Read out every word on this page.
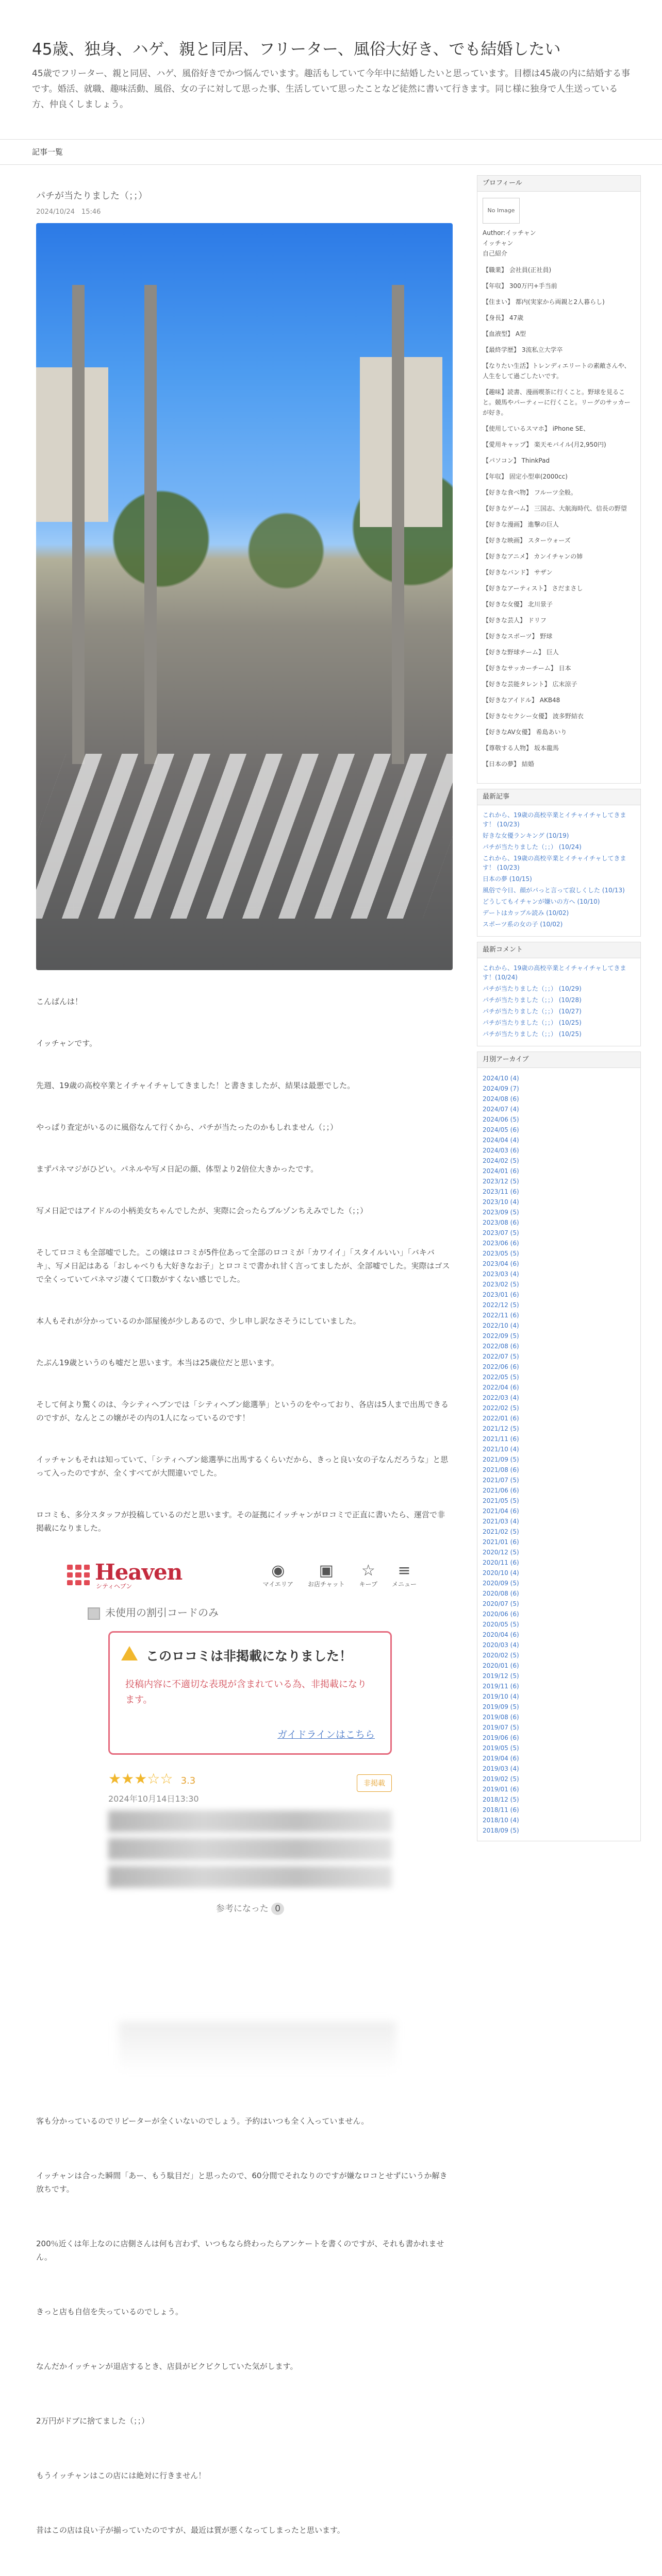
45歳、独身、ハゲ、親と同居、フリーター、風俗大好き、でも結婚したい
45歳でフリーター、親と同居、ハゲ、風俗好きでかつ悩んでいます。趣活もしていて今年中に結婚したいと思っています。目標は45歳の内に結婚する事です。婚活、就職、趣味活動、風俗、女の子に対して思った事、生活していて思ったことなど徒然に書いて行きます。同じ様に独身で人生送っている方、仲良くしましょう。
記事一覧
パチが当たりました（；；）
2024/10/24　15:46

こんばんは！

イッチャンです。

先週、19歳の高校卒業とイチャイチャしてきました！と書きましたが、結果は最悪でした。

やっぱり査定がいるのに風俗なんて行くから、パチが当たったのかもしれません（；；）

まずパネマジがひどい。パネルや写メ日記の顔、体型より2倍位大きかったです。

写メ日記ではアイドルの小柄美女ちゃんでしたが、実際に会ったらブルゾンちえみでした（；；）

そしてロコミも全部嘘でした。この嬢はロコミが5件位あって全部のロコミが「カワイイ」「スタイルいい」「バキバキ」、写メ日記はある「おしゃべりも大好きなお子」とロコミで書かれ甘く言ってましたが、全部嘘でした。実際はゴスで全くっていてパネマジ凄くて口数がすくない感じでした。

本人もそれが分かっているのか部屋後が少しあるので、少し申し訳なさそうにしていました。

たぶん19歳というのも嘘だと思います。本当は25歳位だと思います。

そして何より驚くのは、今シティヘブンでは「シティヘブン総選挙」というのをやっており、各店は5人まで出馬できるのですが、なんとこの嬢がその内の1人になっているのです！

イッチャンもそれは知っていて、「シティヘブン総選挙に出馬するくらいだから、きっと良い女の子なんだろうな」と思って入ったのですが、全くすべてが大間違いでした。

ロコミも、多分スタッフが投稿しているのだと思います。その証拠にイッチャンがロコミで正直に書いたら、運営で非掲載になりました。

Heaven
シティヘブン
◉
マイエリア
▣
お店チャット
☆
キープ
≡
メニュー
未使用の割引コードのみ
このロコミは非掲載になりました！
投稿内容に不適切な表現が含まれている為、非掲載になります。
ガイドラインはこちら
★★★☆☆ 3.3	非掲載
2024年10月14日13:30
参考になった 0

客も分かっているのでリピーターが全くいないのでしょう。予約はいつも全く入っていません。

イッチャンは合った瞬間「あー、もう駄目だ」と思ったので、60分間でそれなりのですが嫌なロコとせずにいうか解き放ちです。

200％近くは年上なのに店側さんは何も言わず、いつもなら終わったらアンケートを書くのですが、それも書かれません。

きっと店も自信を失っているのでしょう。

なんだかイッチャンが退店するとき、店員がビクビクしていた気がします。

2万円がドブに捨てました（；；）

もうイッチャンはこの店には絶対に行きません！

昔はこの店は良い子が揃っていたのですが、最近は質が悪くなってしまったと思います。

プロフィール
No Image
Author:イッチャン
イッチャン
自己紹介
【職業】 会社員(正社員)
【年収】 300万円+手当前
【住まい】 都内(実家から両親と2人暮らし)
【身長】 47歳
【血液型】 A型
【最終学歴】 3流私立大学卒
【なりたい生活】トレンディエリートの素敵さんや、人生をして過ごしたいです。
【趣味】読書、漫画喫茶に行くこと。野球を見ること。競馬やパーティーに行くこと。リーグのサッカーが好き。
【使用しているスマホ】 iPhone SE、
【愛用キャップ】 楽天モバイル(月2,950円)
【パソコン】 ThinkPad
【年収】 固定小型車(2000cc)
【好きな食べ物】 フルーツ全般。
【好きなゲーム】 三国志、大航海時代、信長の野望
【好きな漫画】 進撃の巨人
【好きな映画】 スターウォーズ
【好きなアニメ】 カンイチャンの姉
【好きなバンド】 サザン
【好きなアーティスト】 さだまさし
【好きな女優】 北川景子
【好きな芸人】 ドリフ
【好きなスポーツ】 野球
【好きな野球チーム】 巨人
【好きなサッカーチーム】 日本
【好きな芸能タレント】 広末涼子
【好きなアイドル】 AKB48
【好きなセクシー女優】 波多野結衣
【好きなAV女優】 希島あいり
【尊敬する人物】 坂本龍馬
【日本の夢】 結婚
最新記事
これから、19歳の高校卒業とイチャイチャしてきます！ (10/23)
好きな女優ランキング (10/19)
パチが当たりました（；；） (10/24)
これから、19歳の高校卒業とイチャイチャしてきます！ (10/23)
日本の夢 (10/15)
風俗で今日、顔がパっと言って寂しくした (10/13)
どうしてもイチャンが嫌いの方へ (10/10)
デートはカップル読み (10/02)
スポーツ系の女の子 (10/02)
最新コメント
これから、19歳の高校卒業とイチャイチャしてきます！(10/24)
パチが当たりました（；；） (10/29)
パチが当たりました（；；） (10/28)
パチが当たりました（；；） (10/27)
パチが当たりました（；；） (10/25)
パチが当たりました（；；） (10/25)
月別アーカイブ
2024/10 (4)
2024/09 (7)
2024/08 (6)
2024/07 (4)
2024/06 (5)
2024/05 (6)
2024/04 (4)
2024/03 (6)
2024/02 (5)
2024/01 (6)
2023/12 (5)
2023/11 (6)
2023/10 (4)
2023/09 (5)
2023/08 (6)
2023/07 (5)
2023/06 (6)
2023/05 (5)
2023/04 (6)
2023/03 (4)
2023/02 (5)
2023/01 (6)
2022/12 (5)
2022/11 (6)
2022/10 (4)
2022/09 (5)
2022/08 (6)
2022/07 (5)
2022/06 (6)
2022/05 (5)
2022/04 (6)
2022/03 (4)
2022/02 (5)
2022/01 (6)
2021/12 (5)
2021/11 (6)
2021/10 (4)
2021/09 (5)
2021/08 (6)
2021/07 (5)
2021/06 (6)
2021/05 (5)
2021/04 (6)
2021/03 (4)
2021/02 (5)
2021/01 (6)
2020/12 (5)
2020/11 (6)
2020/10 (4)
2020/09 (5)
2020/08 (6)
2020/07 (5)
2020/06 (6)
2020/05 (5)
2020/04 (6)
2020/03 (4)
2020/02 (5)
2020/01 (6)
2019/12 (5)
2019/11 (6)
2019/10 (4)
2019/09 (5)
2019/08 (6)
2019/07 (5)
2019/06 (6)
2019/05 (5)
2019/04 (6)
2019/03 (4)
2019/02 (5)
2019/01 (6)
2018/12 (5)
2018/11 (6)
2018/10 (4)
2018/09 (5)
